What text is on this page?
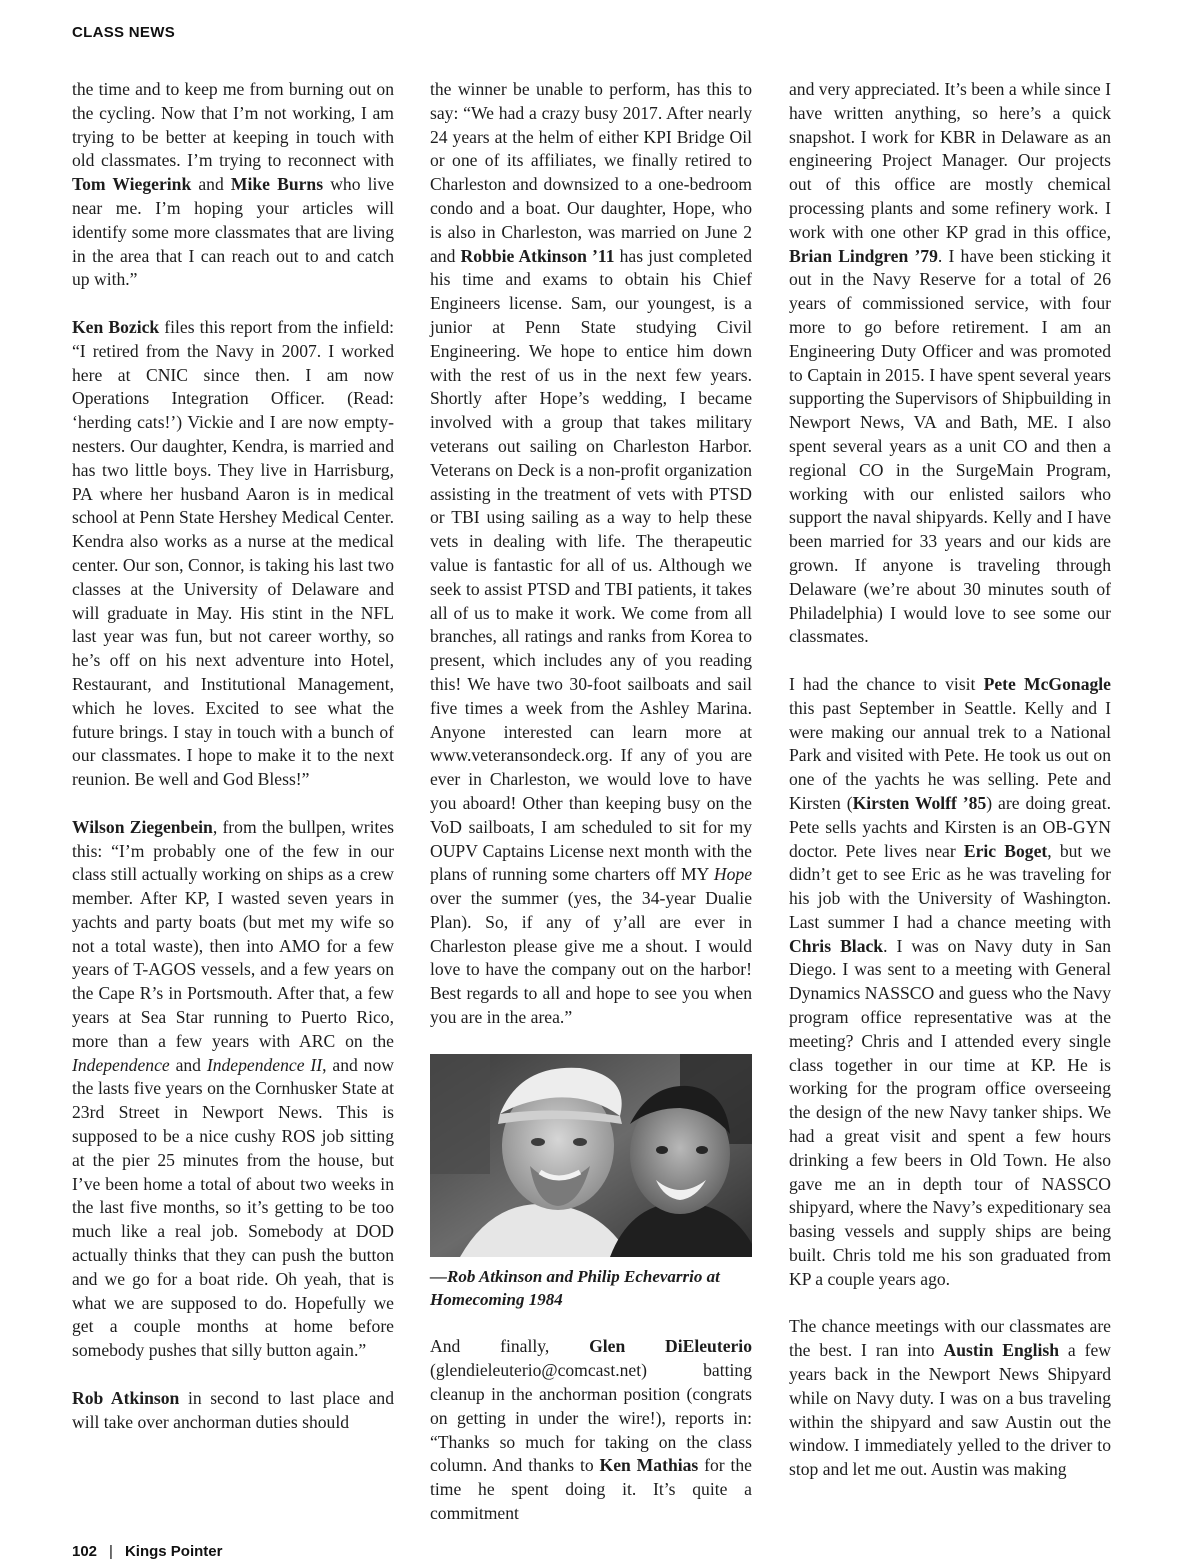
CLASS NEWS

the time and to keep me from burning out on the cycling. Now that I’m not working, I am trying to be better at keeping in touch with old classmates. I’m trying to reconnect with Tom Wiegerink and Mike Burns who live near me. I’m hoping your articles will identify some more classmates that are living in the area that I can reach out to and catch up with.”

Ken Bozick files this report from the infield: “I retired from the Navy in 2007. I worked here at CNIC since then. I am now Operations Integration Officer. (Read: ‘herding cats!’) Vickie and I are now empty-nesters. Our daughter, Kendra, is married and has two little boys. They live in Harrisburg, PA where her husband Aaron is in medical school at Penn State Hershey Medical Center. Kendra also works as a nurse at the medical center. Our son, Connor, is taking his last two classes at the University of Delaware and will graduate in May. His stint in the NFL last year was fun, but not career worthy, so he’s off on his next adventure into Hotel, Restaurant, and Institutional Management, which he loves. Excited to see what the future brings. I stay in touch with a bunch of our classmates. I hope to make it to the next reunion. Be well and God Bless!”

Wilson Ziegenbein, from the bullpen, writes this: “I’m probably one of the few in our class still actually working on ships as a crew member. After KP, I wasted seven years in yachts and party boats (but met my wife so not a total waste), then into AMO for a few years of T-AGOS vessels, and a few years on the Cape R’s in Portsmouth. After that, a few years at Sea Star running to Puerto Rico, more than a few years with ARC on the Independence and Independence II, and now the lasts five years on the Cornhusker State at 23rd Street in Newport News. This is supposed to be a nice cushy ROS job sitting at the pier 25 minutes from the house, but I’ve been home a total of about two weeks in the last five months, so it’s getting to be too much like a real job. Somebody at DOD actually thinks that they can push the button and we go for a boat ride. Oh yeah, that is what we are supposed to do. Hopefully we get a couple months at home before somebody pushes that silly button again.”

Rob Atkinson in second to last place and will take over anchorman duties should

the winner be unable to perform, has this to say: “We had a crazy busy 2017. After nearly 24 years at the helm of either KPI Bridge Oil or one of its affiliates, we finally retired to Charleston and downsized to a one-bedroom condo and a boat. Our daughter, Hope, who is also in Charleston, was married on June 2 and Robbie Atkinson ’11 has just completed his time and exams to obtain his Chief Engineers license. Sam, our youngest, is a junior at Penn State studying Civil Engineering. We hope to entice him down with the rest of us in the next few years. Shortly after Hope’s wedding, I became involved with a group that takes military veterans out sailing on Charleston Harbor. Veterans on Deck is a non-profit organization assisting in the treatment of vets with PTSD or TBI using sailing as a way to help these vets in dealing with life. The therapeutic value is fantastic for all of us. Although we seek to assist PTSD and TBI patients, it takes all of us to make it work. We come from all branches, all ratings and ranks from Korea to present, which includes any of you reading this! We have two 30-foot sailboats and sail five times a week from the Ashley Marina. Anyone interested can learn more at www.veteransondeck.org. If any of you are ever in Charleston, we would love to have you aboard! Other than keeping busy on the VoD sailboats, I am scheduled to sit for my OUPV Captains License next month with the plans of running some charters off MY Hope over the summer (yes, the 34-year Dualie Plan). So, if any of y’all are ever in Charleston please give me a shout. I would love to have the company out on the harbor! Best regards to all and hope to see you when you are in the area.”

—Rob Atkinson and Philip Echevarrio at Homecoming 1984

And finally, Glen DiEleuterio (glendieleuterio@comcast.net) batting cleanup in the anchorman position (congrats on getting in under the wire!), reports in: “Thanks so much for taking on the class column. And thanks to Ken Mathias for the time he spent doing it. It’s quite a commitment

and very appreciated. It’s been a while since I have written anything, so here’s a quick snapshot. I work for KBR in Delaware as an engineering Project Manager. Our projects out of this office are mostly chemical processing plants and some refinery work. I work with one other KP grad in this office, Brian Lindgren ’79. I have been sticking it out in the Navy Reserve for a total of 26 years of commissioned service, with four more to go before retirement. I am an Engineering Duty Officer and was promoted to Captain in 2015. I have spent several years supporting the Supervisors of Shipbuilding in Newport News, VA and Bath, ME. I also spent several years as a unit CO and then a regional CO in the SurgeMain Program, working with our enlisted sailors who support the naval shipyards. Kelly and I have been married for 33 years and our kids are grown. If anyone is traveling through Delaware (we’re about 30 minutes south of Philadelphia) I would love to see some our classmates.

I had the chance to visit Pete McGonagle this past September in Seattle. Kelly and I were making our annual trek to a National Park and visited with Pete. He took us out on one of the yachts he was selling. Pete and Kirsten (Kirsten Wolff ’85) are doing great. Pete sells yachts and Kirsten is an OB-GYN doctor. Pete lives near Eric Boget, but we didn’t get to see Eric as he was traveling for his job with the University of Washington. Last summer I had a chance meeting with Chris Black. I was on Navy duty in San Diego. I was sent to a meeting with General Dynamics NASSCO and guess who the Navy program office representative was at the meeting? Chris and I attended every single class together in our time at KP. He is working for the program office overseeing the design of the new Navy tanker ships. We had a great visit and spent a few hours drinking a few beers in Old Town. He also gave me an in depth tour of NASSCO shipyard, where the Navy’s expeditionary sea basing vessels and supply ships are being built. Chris told me his son graduated from KP a couple years ago.

The chance meetings with our classmates are the best. I ran into Austin English a few years back in the Newport News Shipyard while on Navy duty. I was on a bus traveling within the shipyard and saw Austin out the window. I immediately yelled to the driver to stop and let me out. Austin was making

102 | Kings Pointer
